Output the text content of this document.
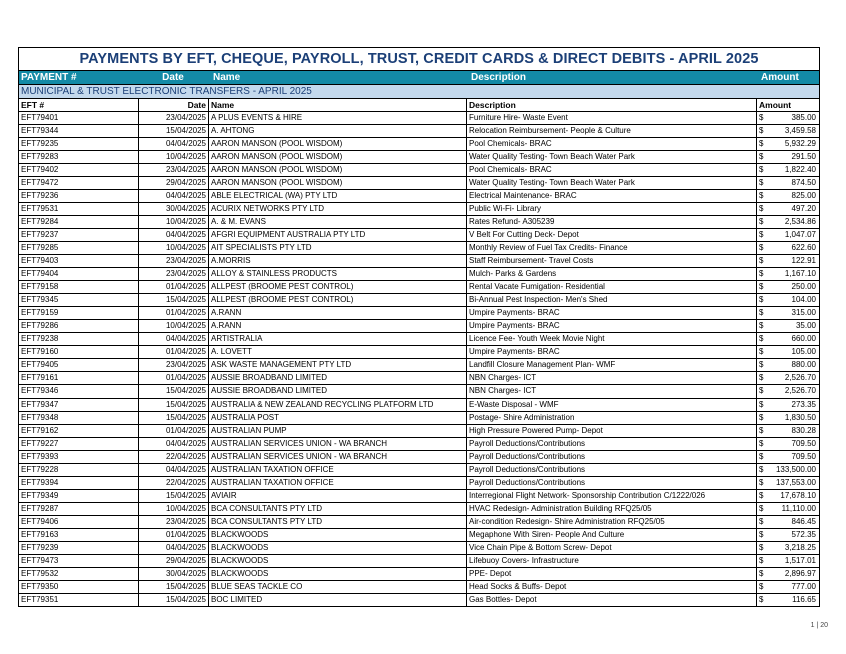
PAYMENTS BY EFT, CHEQUE, PAYROLL, TRUST, CREDIT CARDS & DIRECT DEBITS - APRIL 2025
PAYMENT #	Date	Name	Description	Amount
MUNICIPAL & TRUST ELECTRONIC TRANSFERS - APRIL 2025
EFT #	Date Name	Description	Amount
EFT79401	23/04/2025 A PLUS EVENTS & HIRE	Furniture Hire- Waste Event	$	385.00
EFT79344	15/04/2025 A. AHTONG	Relocation Reimbursement- People & Culture	$	3,459.58
EFT79235	04/04/2025 AARON MANSON (POOL WISDOM)	Pool Chemicals- BRAC	$	5,932.29
EFT79283	10/04/2025 AARON MANSON (POOL WISDOM)	Water Quality Testing- Town Beach Water Park	$	291.50
EFT79402	23/04/2025 AARON MANSON (POOL WISDOM)	Pool Chemicals- BRAC	$	1,822.40
EFT79472	29/04/2025 AARON MANSON (POOL WISDOM)	Water Quality Testing- Town Beach Water Park	$	874.50
EFT79236	04/04/2025 ABLE ELECTRICAL (WA) PTY LTD	Electrical Maintenance- BRAC	$	825.00
EFT79531	30/04/2025 ACURIX NETWORKS PTY LTD	Public Wi-Fi- Library	$	497.20
EFT79284	10/04/2025 A. & M. EVANS	Rates Refund- A305239	$	2,534.86
EFT79237	04/04/2025 AFGRI EQUIPMENT AUSTRALIA PTY LTD	V Belt For Cutting Deck- Depot	$	1,047.07
EFT79285	10/04/2025 AIT SPECIALISTS PTY LTD	Monthly Review of Fuel Tax Credits- Finance	$	622.60
EFT79403	23/04/2025 A.MORRIS	Staff Reimbursement- Travel Costs	$	122.91
EFT79404	23/04/2025 ALLOY & STAINLESS PRODUCTS	Mulch- Parks & Gardens	$	1,167.10
EFT79158	01/04/2025 ALLPEST (BROOME PEST CONTROL)	Rental Vacate Fumigation- Residential	$	250.00
EFT79345	15/04/2025 ALLPEST (BROOME PEST CONTROL)	Bi-Annual Pest Inspection- Men's Shed	$	104.00
EFT79159	01/04/2025 A.RANN	Umpire Payments- BRAC	$	315.00
EFT79286	10/04/2025 A.RANN	Umpire Payments- BRAC	$	35.00
EFT79238	04/04/2025 ARTISTRALIA	Licence Fee- Youth Week Movie Night	$	660.00
EFT79160	01/04/2025 A. LOVETT	Umpire Payments- BRAC	$	105.00
EFT79405	23/04/2025 ASK WASTE MANAGEMENT PTY LTD	Landfill Closure Management Plan- WMF	$	880.00
EFT79161	01/04/2025 AUSSIE BROADBAND LIMITED	NBN Charges- ICT	$	2,526.70
EFT79346	15/04/2025 AUSSIE BROADBAND LIMITED	NBN Charges- ICT	$	2,526.70
EFT79347	15/04/2025 AUSTRALIA & NEW ZEALAND RECYCLING PLATFORM LTD	E-Waste Disposal - WMF	$	273.35
EFT79348	15/04/2025 AUSTRALIA POST	Postage- Shire Administration	$	1,830.50
EFT79162	01/04/2025 AUSTRALIAN PUMP	High Pressure Powered Pump- Depot	$	830.28
EFT79227	04/04/2025 AUSTRALIAN SERVICES UNION - WA BRANCH	Payroll Deductions/Contributions	$	709.50
EFT79393	22/04/2025 AUSTRALIAN SERVICES UNION - WA BRANCH	Payroll Deductions/Contributions	$	709.50
EFT79228	04/04/2025 AUSTRALIAN TAXATION OFFICE	Payroll Deductions/Contributions	$ 133,500.00
EFT79394	22/04/2025 AUSTRALIAN TAXATION OFFICE	Payroll Deductions/Contributions	$ 137,553.00
EFT79349	15/04/2025 AVIAIR	Interregional Flight Network- Sponsorship Contribution C/1222/026	$ 17,678.10
EFT79287	10/04/2025 BCA CONSULTANTS PTY LTD	HVAC Redesign- Administration Building RFQ25/05	$ 11,110.00
EFT79406	23/04/2025 BCA CONSULTANTS PTY LTD	Air-condition Redesign- Shire Administration RFQ25/05	$	846.45
EFT79163	01/04/2025 BLACKWOODS	Megaphone With Siren- People And Culture	$	572.35
EFT79239	04/04/2025 BLACKWOODS	Vice Chain Pipe & Bottom Screw- Depot	$	3,218.25
EFT79473	29/04/2025 BLACKWOODS	Lifebuoy Covers- Infrastructure	$	1,517.01
EFT79532	30/04/2025 BLACKWOODS	PPE- Depot	$	2,896.97
EFT79350	15/04/2025 BLUE SEAS TACKLE CO	Head Socks & Buffs- Depot	$	777.00
EFT79351	15/04/2025 BOC LIMITED	Gas Bottles- Depot	$	116.65
1 | 20
